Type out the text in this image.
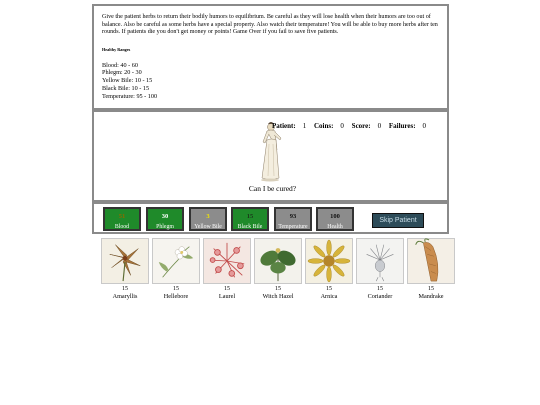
Give the patient herbs to return their bodily humors to equilibrium. Be careful as they will lose health when their humors are too out of balance. Also be careful as some herbs have a special property. Also watch their temperature! You will be able to buy more herbs after ten rounds. If patients die you don't get money or points! Game Over if you fail to save five patients.

Healthy Ranges

Blood: 40 - 60
Phlegm: 20 - 30
Yellow Bile: 10 - 15
Black Bile: 10 - 15
Temperature: 95 - 100
Patient: 1 Coins: 0 Score: 0 Failures: 0
Can I be cured?
51
Blood
30
Phlegm
3
Yellow Bile
15
Black Bile
93
Temperature
100
Health
Skip Patient
15
Amaryllis
15
Hellebore
15
Laurel
15
Witch Hazel
15
Arnica
15
Coriander
15
Mandrake
